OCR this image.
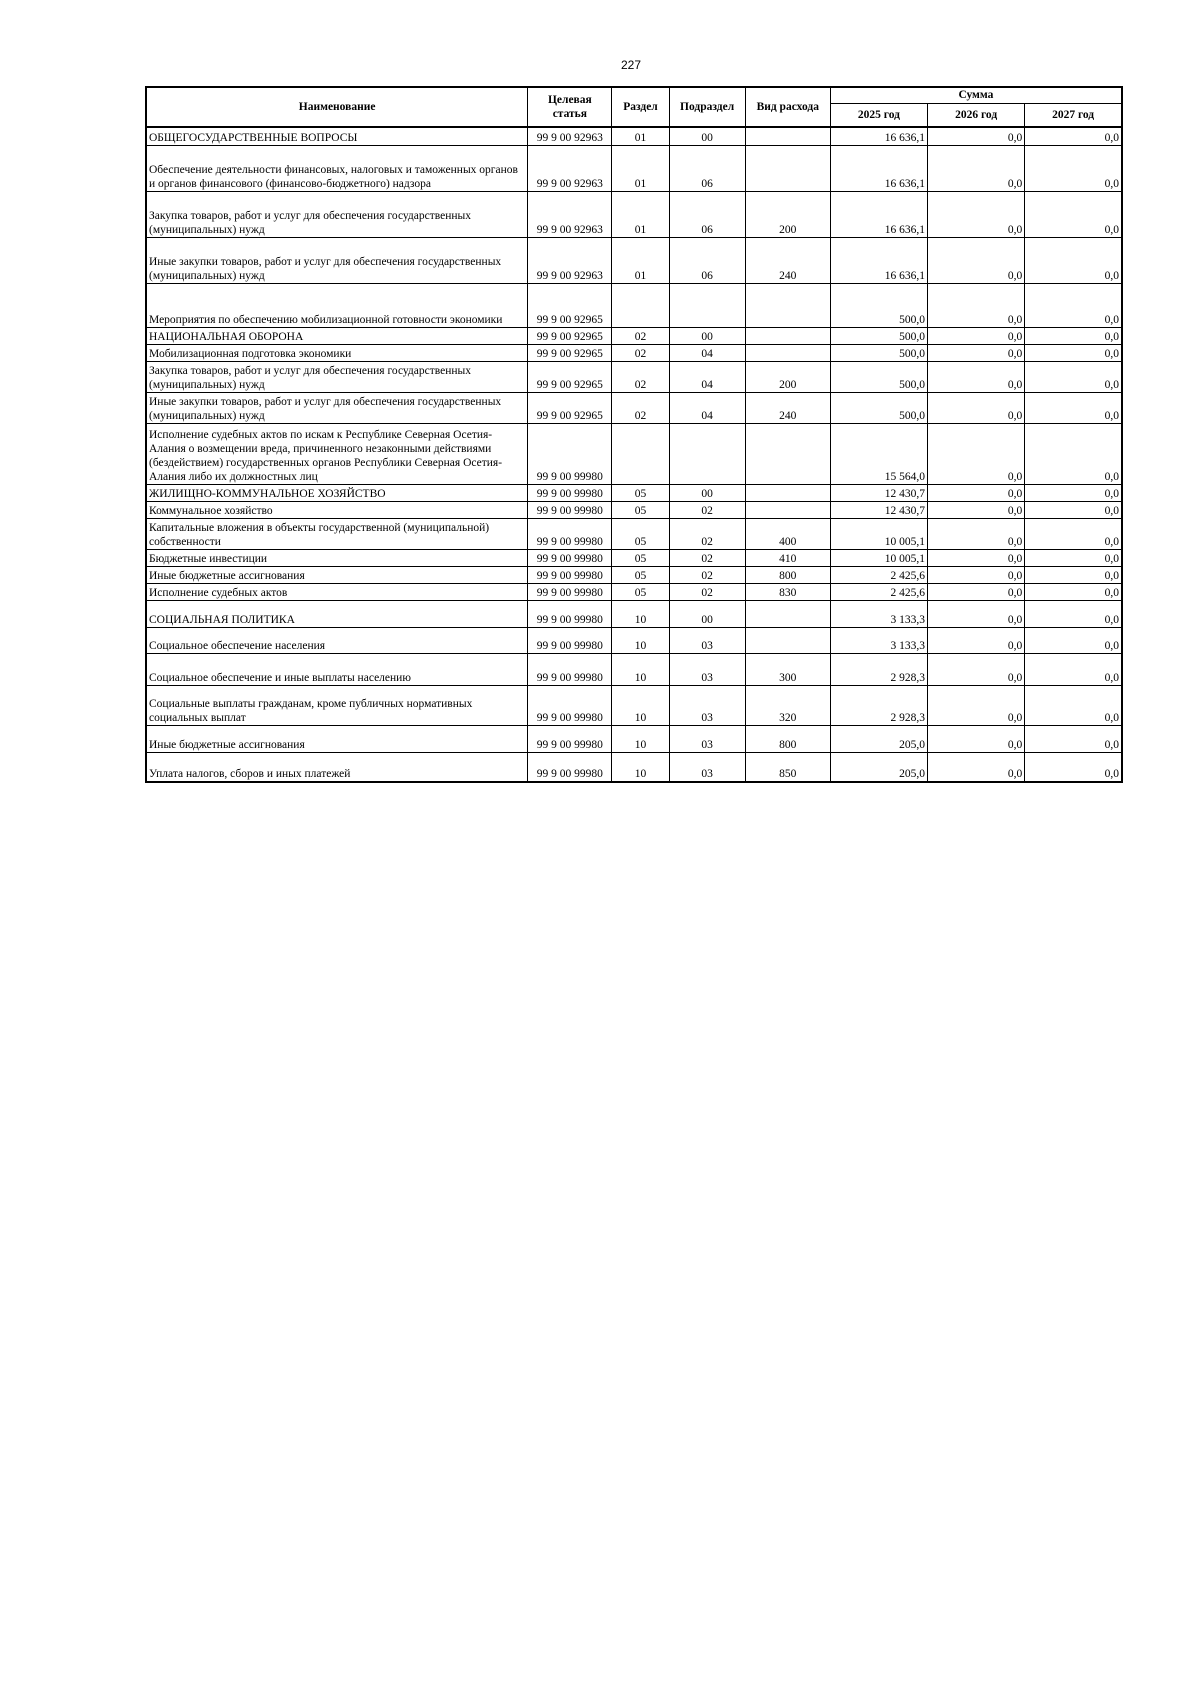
227
Наименование	Целевая статья	Раздел	Подраздел	Вид расхода	Сумма		
					2025 год	2026 год	2027 год
ОБЩЕГОСУДАРСТВЕННЫЕ ВОПРОСЫ	99 9 00 92963	01	00		16 636,1	0,0	0,0
Обеспечение деятельности финансовых, налоговых и таможенных органов и органов финансового (финансово-бюджетного) надзора	99 9 00 92963	01	06		16 636,1	0,0	0,0
Закупка товаров, работ и услуг для обеспечения государственных (муниципальных) нужд	99 9 00 92963	01	06	200	16 636,1	0,0	0,0
Иные закупки товаров, работ и услуг для обеспечения государственных (муниципальных) нужд	99 9 00 92963	01	06	240	16 636,1	0,0	0,0
Мероприятия по обеспечению мобилизационной готовности экономики	99 9 00 92965				500,0	0,0	0,0
НАЦИОНАЛЬНАЯ ОБОРОНА	99 9 00 92965	02	00		500,0	0,0	0,0
Мобилизационная подготовка экономики	99 9 00 92965	02	04		500,0	0,0	0,0
Закупка товаров, работ и услуг для обеспечения государственных (муниципальных) нужд	99 9 00 92965	02	04	200	500,0	0,0	0,0
Иные закупки товаров, работ и услуг для обеспечения государственных (муниципальных) нужд	99 9 00 92965	02	04	240	500,0	0,0	0,0
Исполнение судебных актов по искам к Республике Северная Осетия-Алания о возмещении вреда, причиненного незаконными действиями (бездействием) государственных органов Республики Северная Осетия-Алания либо их должностных лиц	99 9 00 99980				15 564,0	0,0	0,0
ЖИЛИЩНО-КОММУНАЛЬНОЕ ХОЗЯЙСТВО	99 9 00 99980	05	00		12 430,7	0,0	0,0
Коммунальное хозяйство	99 9 00 99980	05	02		12 430,7	0,0	0,0
Капитальные вложения в объекты государственной (муниципальной) собственности	99 9 00 99980	05	02	400	10 005,1	0,0	0,0
Бюджетные инвестиции	99 9 00 99980	05	02	410	10 005,1	0,0	0,0
Иные бюджетные ассигнования	99 9 00 99980	05	02	800	2 425,6	0,0	0,0
Исполнение судебных актов	99 9 00 99980	05	02	830	2 425,6	0,0	0,0
СОЦИАЛЬНАЯ ПОЛИТИКА	99 9 00 99980	10	00		3 133,3	0,0	0,0
Социальное обеспечение населения	99 9 00 99980	10	03		3 133,3	0,0	0,0
Социальное обеспечение и иные выплаты населению	99 9 00 99980	10	03	300	2 928,3	0,0	0,0
Социальные выплаты гражданам, кроме публичных нормативных социальных выплат	99 9 00 99980	10	03	320	2 928,3	0,0	0,0
Иные бюджетные ассигнования	99 9 00 99980	10	03	800	205,0	0,0	0,0
Уплата налогов, сборов и иных платежей	99 9 00 99980	10	03	850	205,0	0,0	0,0
